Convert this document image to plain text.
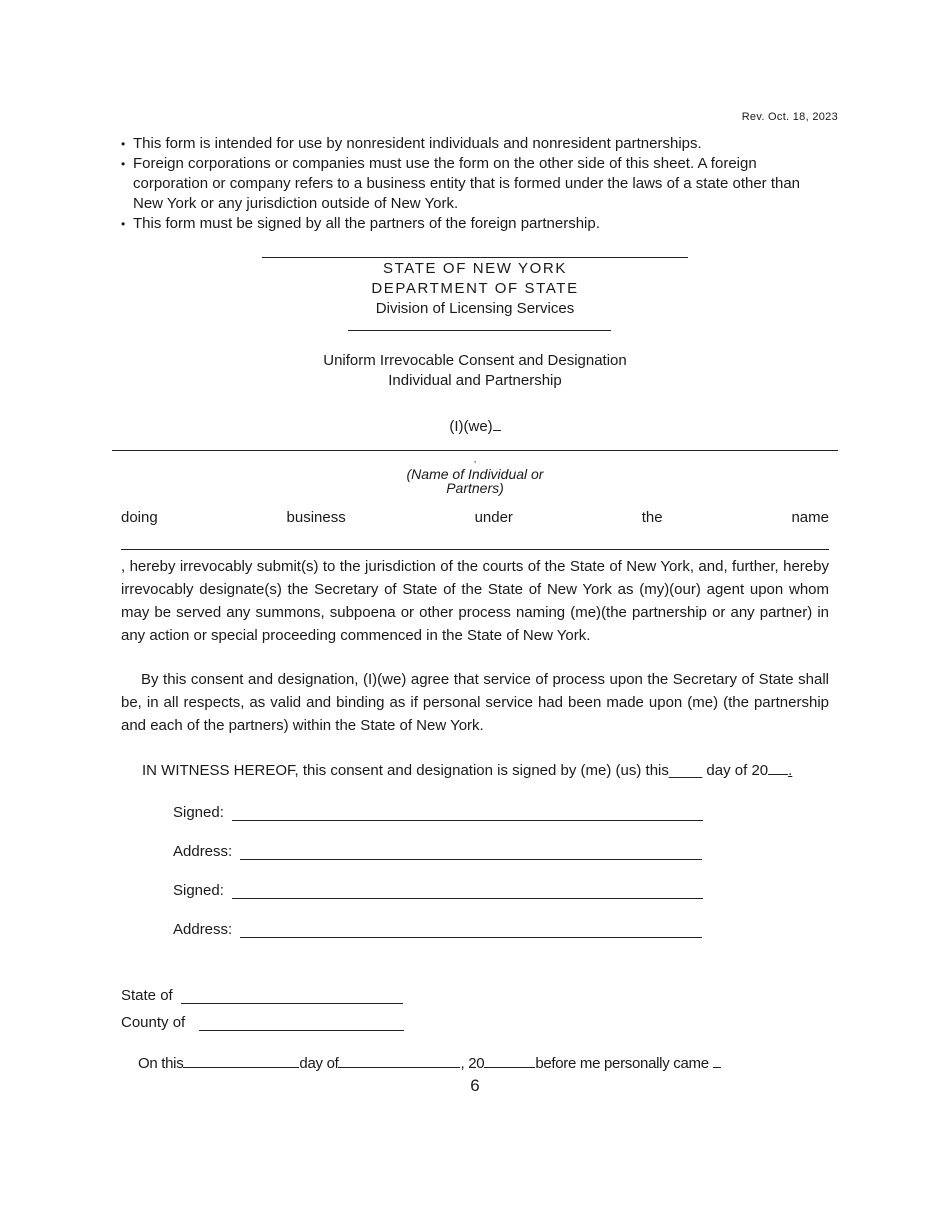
Rev. Oct. 18, 2023
• This form is intended for use by nonresident individuals and nonresident partnerships.
• Foreign corporations or companies must use the form on the other side of this sheet. A foreign corporation or company refers to a business entity that is formed under the laws of a state other than New York or any jurisdiction outside of New York.
• This form must be signed by all the partners of the foreign partnership.
STATE OF NEW YORK
DEPARTMENT OF STATE
Division of Licensing Services
Uniform Irrevocable Consent and Designation
Individual and Partnership
(I)(we)
,
(Name of Individual or
Partners)
doing	business	under	the	name

, hereby irrevocably submit(s) to the jurisdiction of the courts of the State of New York, and, further, hereby irrevocably designate(s) the Secretary of State of the State of New York as (my)(our) agent upon whom may be served any summons, subpoena or other process naming (me)(the partnership or any partner) in any action or special proceeding commenced in the State of New York.

By this consent and designation, (I)(we) agree that service of process upon the Secretary of State shall be, in all respects, as valid and binding as if personal service had been made upon (me) (the partnership and each of the partners) within the State of New York.

IN WITNESS HEREOF, this consent and designation is signed by (me) (us) this____ day of 20 .
Signed:
Address:
Signed:
Address:
State of
County of
On this	day of	, 20	before me personally came
6
